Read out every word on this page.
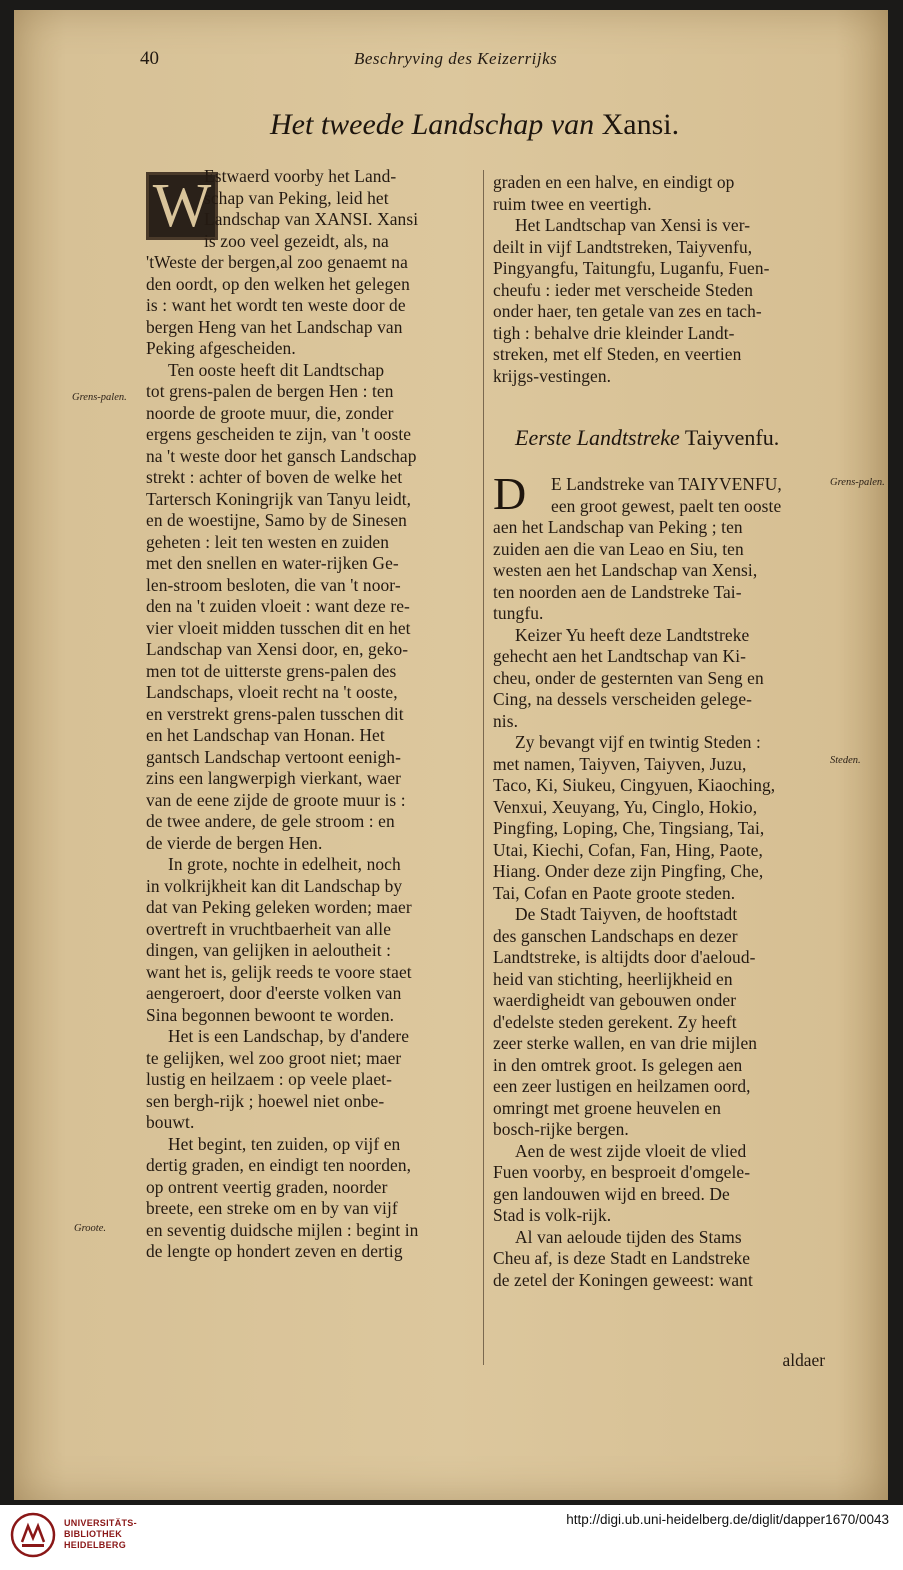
40	Beschryving des Keizerrijks
Het tweede Landschap van Xansi.
W
Estwaerd voorby het Land-
schap van Peking, leid het
Landschap van XANSI. Xansi
is zoo veel gezeidt, als, na
'tWeste der bergen,al zoo genaemt na
den oordt, op den welken het gelegen
is : want het wordt ten weste door de
bergen Heng van het Landschap van
Peking afgescheiden.
Ten ooste heeft dit Landtschap
tot grens-palen de bergen Hen : ten
noorde de groote muur, die, zonder
ergens gescheiden te zijn, van 't ooste
na 't weste door het gansch Landschap
strekt : achter of boven de welke het
Tartersch Koningrijk van Tanyu leidt,
en de woestijne, Samo by de Sinesen
geheten : leit ten westen en zuiden
met den snellen en water-rijken Ge-
len-stroom besloten, die van 't noor-
den na 't zuiden vloeit : want deze re-
vier vloeit midden tusschen dit en het
Landschap van Xensi door, en, geko-
men tot de uitterste grens-palen des
Landschaps, vloeit recht na 't ooste,
en verstrekt grens-palen tusschen dit
en het Landschap van Honan. Het
gantsch Landschap vertoont eenigh-
zins een langwerpigh vierkant, waer
van de eene zijde de groote muur is :
de twee andere, de gele stroom : en
de vierde de bergen Hen.
In grote, nochte in edelheit, noch
in volkrijkheit kan dit Landschap by
dat van Peking geleken worden; maer
overtreft in vruchtbaerheit van alle
dingen, van gelijken in aeloutheit :
want het is, gelijk reeds te voore staet
aengeroert, door d'eerste volken van
Sina begonnen bewoont te worden.
Het is een Landschap, by d'andere
te gelijken, wel zoo groot niet; maer
lustig en heilzaem : op veele plaet-
sen bergh-rijk ; hoewel niet onbe-
bouwt.
Het begint, ten zuiden, op vijf en
dertig graden, en eindigt ten noorden,
op ontrent veertig graden, noorder
breete, een streke om en by van vijf
en seventig duidsche mijlen : begint in
de lengte op hondert zeven en dertig
Grens-palen.
Groote.
Grens-palen.
Steden.
graden en een halve, en eindigt op
ruim twee en veertigh.
Het Landtschap van Xensi is ver-
deilt in vijf Landtstreken, Taiyvenfu,
Pingyangfu, Taitungfu, Luganfu, Fuen-
cheufu : ieder met verscheide Steden
onder haer, ten getale van zes en tach-
tigh : behalve drie kleinder Landt-
streken, met elf Steden, en veertien
krijgs-vestingen.
Eerste Landtstreke Taiyvenfu.
D	E Landstreke van TAIYVENFU,
een groot gewest, paelt ten ooste
aen het Landschap van Peking ; ten
zuiden aen die van Leao en Siu, ten
westen aen het Landschap van Xensi,
ten noorden aen de Landstreke Tai-
tungfu.
Keizer Yu heeft deze Landtstreke
gehecht aen het Landtschap van Ki-
cheu, onder de gesternten van Seng en
Cing, na dessels verscheiden gelege-
nis.
Zy bevangt vijf en twintig Steden :
met namen, Taiyven, Taiyven, Juzu,
Taco, Ki, Siukeu, Cingyuen, Kiaoching,
Venxui, Xeuyang, Yu, Cinglo, Hokio,
Pingfing, Loping, Che, Tingsiang, Tai,
Utai, Kiechi, Cofan, Fan, Hing, Paote,
Hiang. Onder deze zijn Pingfing, Che,
Tai, Cofan en Paote groote steden.
De Stadt Taiyven, de hooftstadt
des ganschen Landschaps en dezer
Landtstreke, is altijdts door d'aeloud-
heid van stichting, heerlijkheid en
waerdigheidt van gebouwen onder
d'edelste steden gerekent. Zy heeft
zeer sterke wallen, en van drie mijlen
in den omtrek groot. Is gelegen aen
een zeer lustigen en heilzamen oord,
omringt met groene heuvelen en
bosch-rijke bergen.
Aen de west zijde vloeit de vlied
Fuen voorby, en besproeit d'omgele-
gen landouwen wijd en breed. De
Stad is volk-rijk.
Al van aeloude tijden des Stams
Cheu af, is deze Stadt en Landstreke
de zetel der Koningen geweest: want
aldaer
UNIVERSITÄTS-
BIBLIOTHEK
HEIDELBERG
http://digi.ub.uni-heidelberg.de/diglit/dapper1670/0043
